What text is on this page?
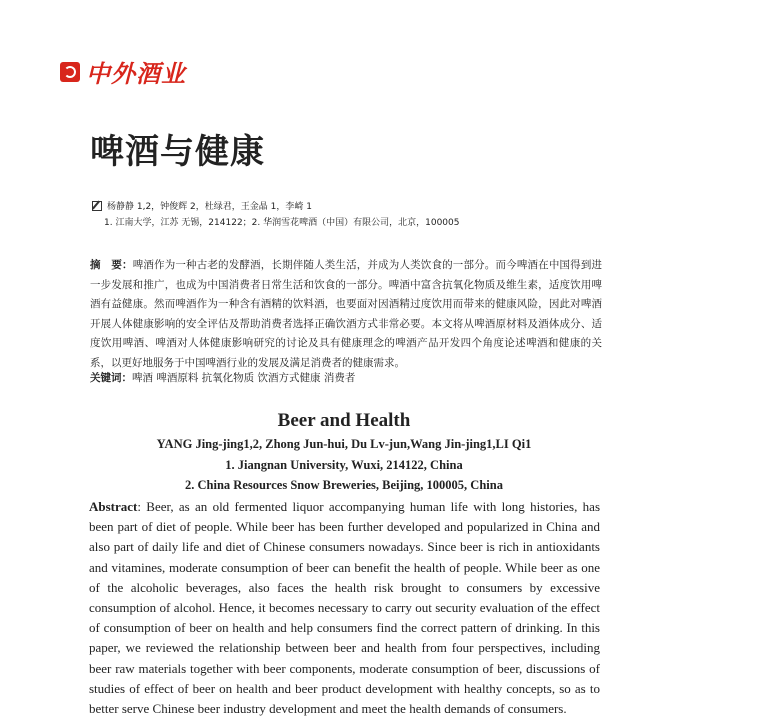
中外酒业
啤酒与健康
杨静静 1,2，钟俊辉 2，杜绿君，王金晶 1，李崎 1
1. 江南大学，江苏 无锡，214122；2. 华润雪花啤酒（中国）有限公司，北京，100005
摘　要：啤酒作为一种古老的发酵酒，长期伴随人类生活，并成为人类饮食的一部分。而今啤酒在中国得到进一步发展和推广，也成为中国消费者日常生活和饮食的一部分。啤酒中富含抗氧化物质及维生素，适度饮用啤酒有益健康。然而啤酒作为一种含有酒精的饮料酒，也要面对因酒精过度饮用而带来的健康风险，因此对啤酒开展人体健康影响的安全评估及帮助消费者选择正确饮酒方式非常必要。本文将从啤酒原材料及酒体成分、适度饮用啤酒、啤酒对人体健康影响研究的讨论及具有健康理念的啤酒产品开发四个角度论述啤酒和健康的关系，以更好地服务于中国啤酒行业的发展及满足消费者的健康需求。
关键词：啤酒 啤酒原料 抗氧化物质 饮酒方式健康 消费者
Beer and Health
YANG Jing-jing1,2, Zhong Jun-hui, Du Lv-jun,Wang Jin-jing1,LI Qi1
1. Jiangnan University, Wuxi, 214122, China
2. China Resources Snow Breweries, Beijing, 100005, China
Abstract: Beer, as an old fermented liquor accompanying human life with long histories, has been part of diet of people. While beer has been further developed and popularized in China and also part of daily life and diet of Chinese consumers nowadays. Since beer is rich in antioxidants and vitamines, moderate consumption of beer can benefit the health of people. While beer as one of the alcoholic beverages, also faces the health risk brought to consumers by excessive consumption of alcohol. Hence, it becomes necessary to carry out security evaluation of the effect of consumption of beer on health and help consumers find the correct pattern of drinking. In this paper, we reviewed the relationship between beer and health from four perspectives, including beer raw materials together with beer components, moderate consumption of beer, discussions of studies of effect of beer on health and beer product development with healthy concepts, so as to better serve Chinese beer industry development and meet the health demands of consumers.
